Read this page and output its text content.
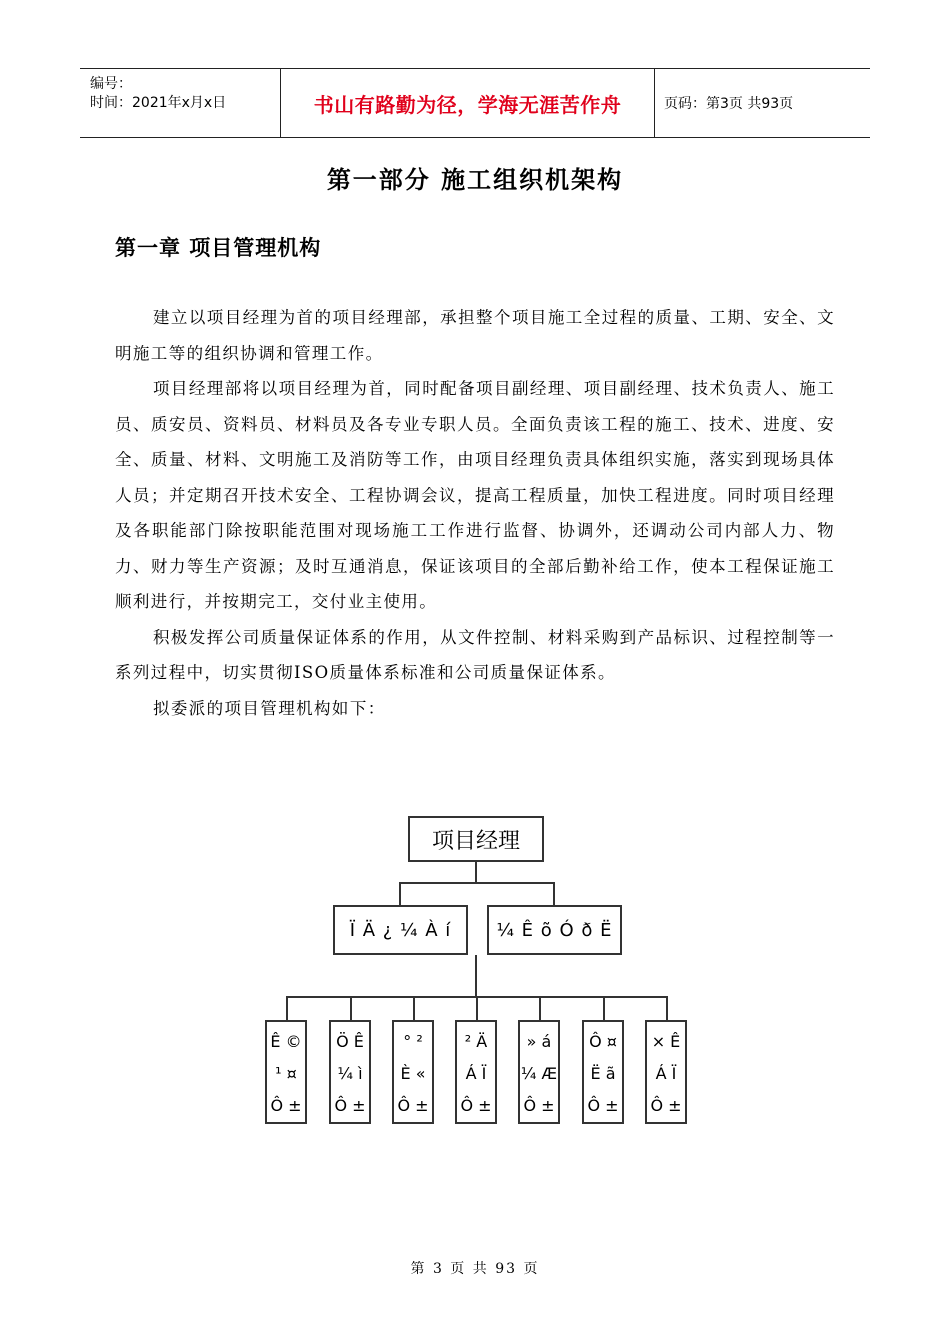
编号：
时间：2021年x月x日	书山有路勤为径，学海无涯苦作舟	页码：第3页 共93页
第一部分 施工组织机架构
第一章 项目管理机构

建立以项目经理为首的项目经理部，承担整个项目施工全过程的质量、工期、安全、文明施工等的组织协调和管理工作。

项目经理部将以项目经理为首，同时配备项目副经理、项目副经理、技术负责人、施工员、质安员、资料员、材料员及各专业专职人员。全面负责该工程的施工、技术、进度、安全、质量、材料、文明施工及消防等工作，由项目经理负责具体组织实施，落实到现场具体人员；并定期召开技术安全、工程协调会议，提高工程质量，加快工程进度。同时项目经理及各职能部门除按职能范围对现场施工工作进行监督、协调外，还调动公司内部人力、物力、财力等生产资源；及时互通消息，保证该项目的全部后勤补给工作，使本工程保证施工顺利进行，并按期完工，交付业主使用。

积极发挥公司质量保证体系的作用，从文件控制、材料采购到产品标识、过程控制等一系列过程中，切实贯彻ISO质量体系标准和公司质量保证体系。

拟委派的项目管理机构如下：

项目经理
Ï Ä ¿ ¼ À í	¼ Ê õ Ó ð Ë
Ê ©
¹ ¤
Ô ±
Ö Ê
¼ ì
Ô ±
° ²
È «
Ô ±
² Ä
Á Ï
Ô ±
» á
¼ Æ
Ô ±
Ô ¤
Ë ã
Ô ±
× Ê
Á Ï
Ô ±
第 3 页 共 93 页
